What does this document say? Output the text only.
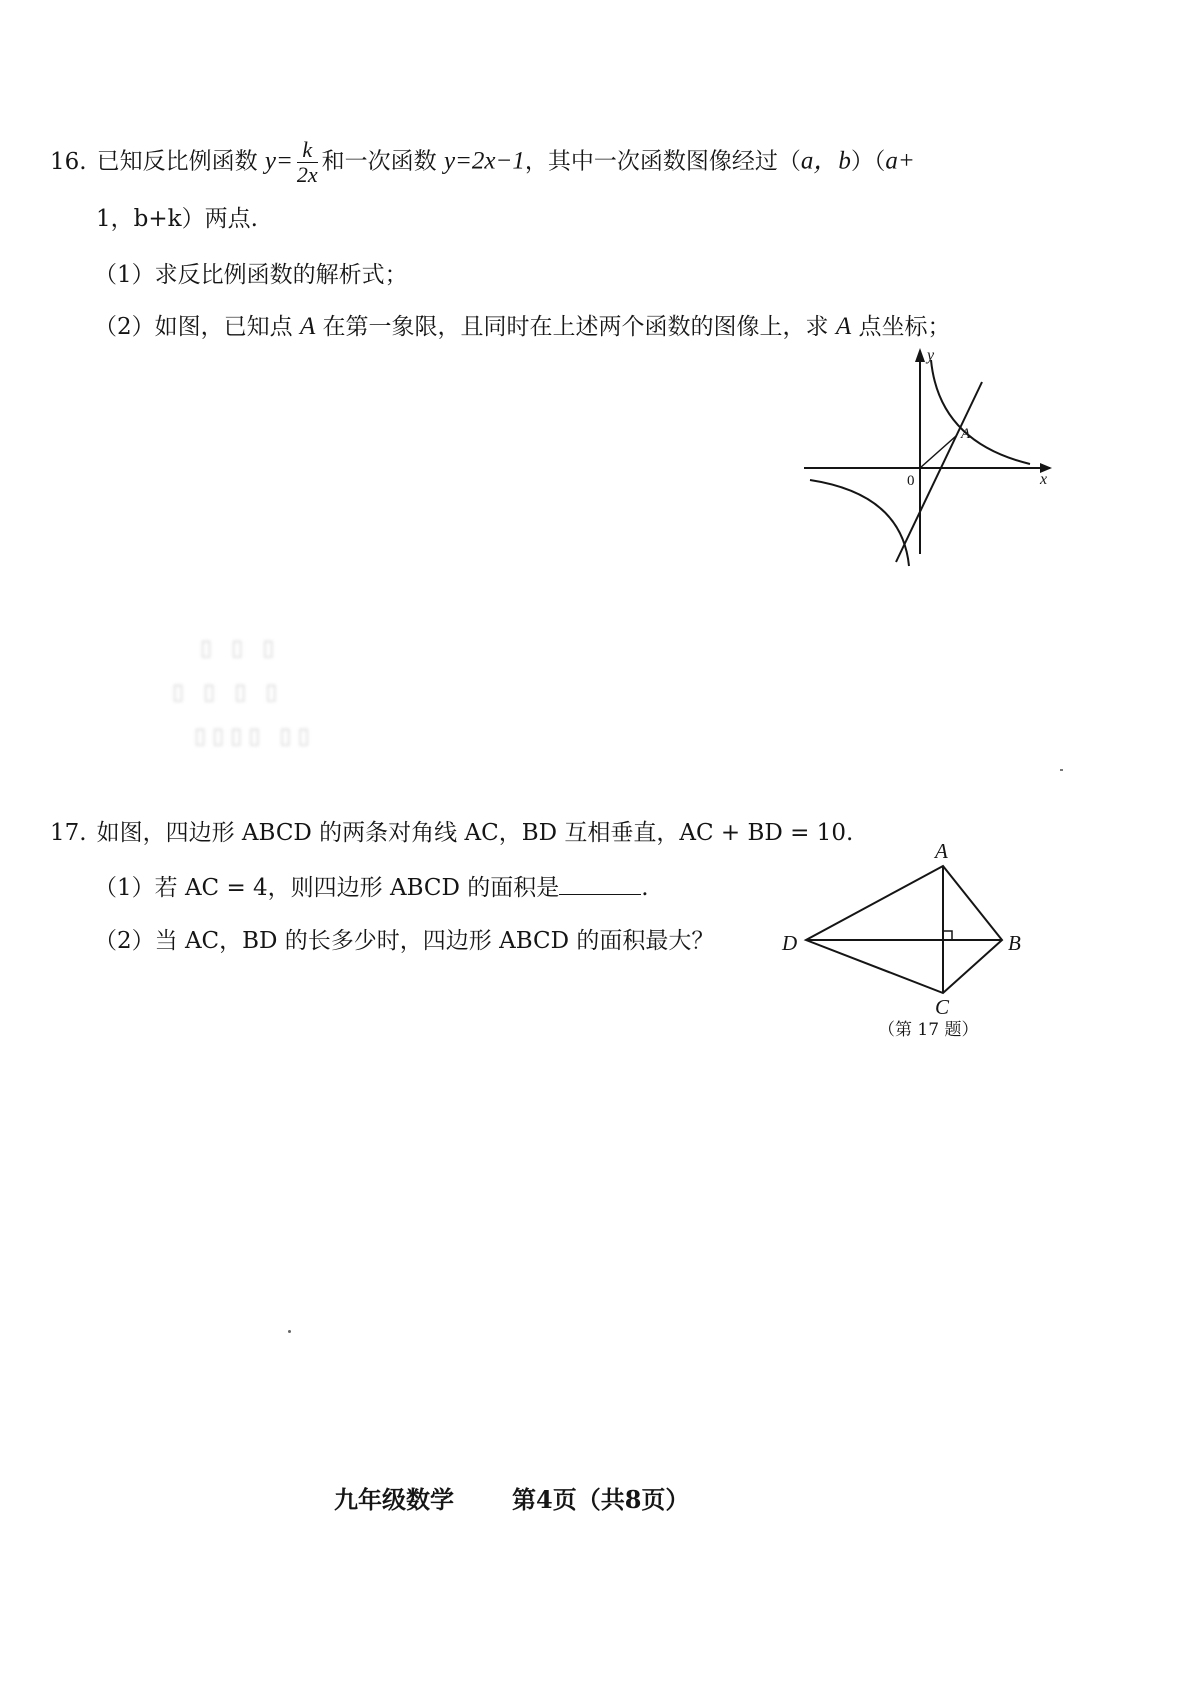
16. 已知反比例函数 $y= \frac{k}{2x}$ 和一次函数 y=2x−1，其中一次函数图像经过（a，b）（a+
1，b+k）两点.
（1）求反比例函数的解析式；
（2）如图，已知点 A 在第一象限，且同时在上述两个函数的图像上，求 A 点坐标；
y
x
0
A
▯ ▯ ▯
▯ ▯ ▯ ▯
▯▯▯▯ ▯▯
17. 如图，四边形 ABCD 的两条对角线 AC，BD 互相垂直，AC + BD = 10.
（1）若 AC = 4，则四边形 ABCD 的面积是	.
（2）当 AC，BD 的长多少时，四边形 ABCD 的面积最大？
A
B
C
D
（第 17 题）
九年级数学 第4页（共8页）
